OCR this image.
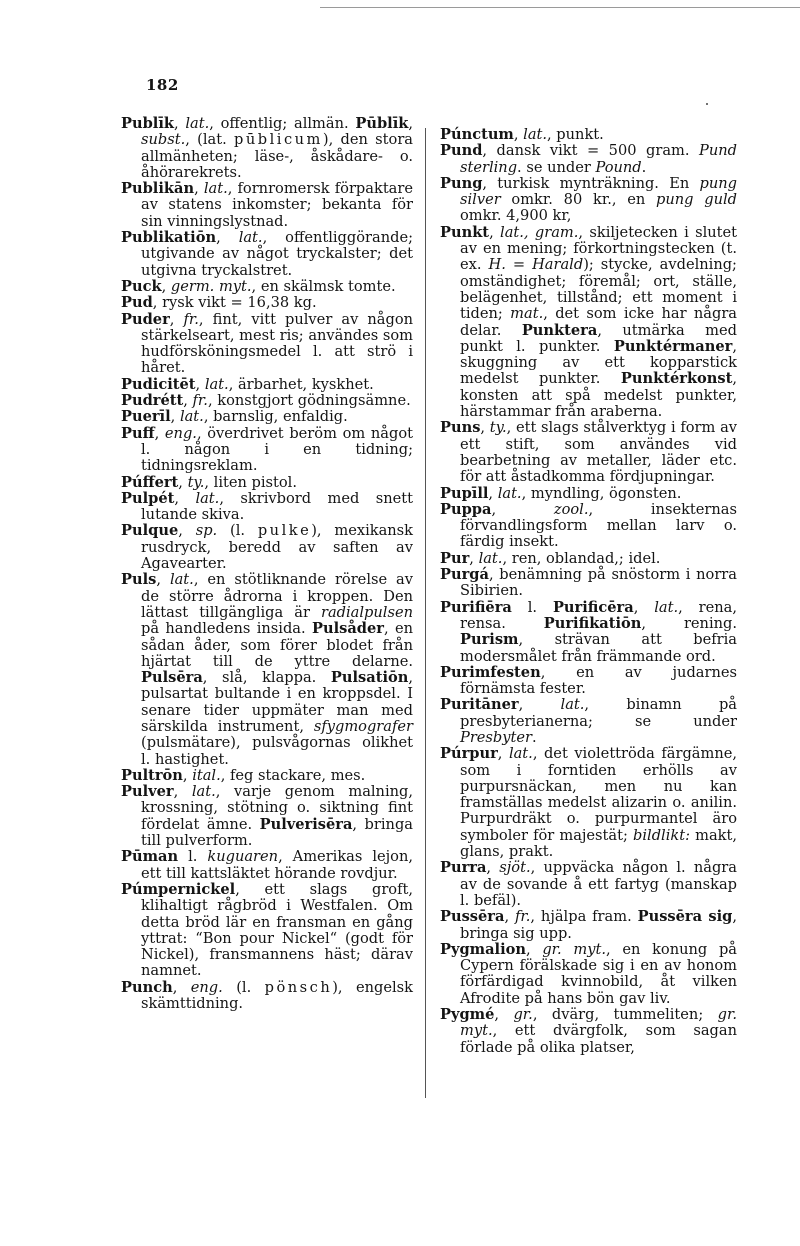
182

Publīk, lat., offentlig; allmän. Pūblīk, subst., (lat. pūblicum), den stora allmänheten; läse-, åskådare- o. åhörarekrets.

Publikān, lat., fornromersk förpaktare av statens inkomster; bekanta för sin vinningslystnad.

Publikatiōn, lat., offentliggörande; utgivande av något tryckalster; det utgivna tryckalstret.

Puck, germ. myt., en skälmsk tomte.

Pud, rysk vikt = 16,38 kg.

Puder, fr., fint, vitt pulver av någon stärkelseart, mest ris; användes som hudförsköningsmedel l. att strö i håret.

Pudicitēt, lat., ärbarhet, kyskhet.

Pudrétt, fr., konstgjort gödningsämne.

Puerīl, lat., barnslig, enfaldig.

Puff, eng., överdrivet beröm om något l. någon i en tidning; tidningsreklam.

Púffert, ty., liten pistol.

Pulpét, lat., skrivbord med snett lutande skiva.

Pulque, sp. (l. pulke), mexikansk rusdryck, beredd av saften av Agavearter.

Puls, lat., en stötliknande rörelse av de större ådrorna i kroppen. Den lättast tillgängliga är radialpulsen på handledens insida. Pulsåder, en sådan åder, som förer blodet från hjärtat till de yttre delarne. Pulsēra, slå, klappa. Pulsatiōn, pulsartat bultande i en kroppsdel. I senare tider uppmäter man med särskilda instrument, sfygmografer (pulsmätare), pulsvågornas olikhet l. hastighet.

Pultrōn, ital., feg stackare, mes.

Pulver, lat., varje genom malning, krossning, stötning o. siktning fint fördelat ämne. Pulverisēra, bringa till pulverform.

Pūman l. kuguaren, Amerikas lejon, ett till kattsläktet hörande rovdjur.

Púmpernickel, ett slags groft, klihaltigt rågbröd i Westfalen. Om detta bröd lär en fransman en gång yttrat: “Bon pour Nickel“ (godt för Nickel), fransmannens häst; därav namnet.

Punch, eng. (l. pönsch), engelsk skämttidning.

Púnctum, lat., punkt.

Pund, dansk vikt = 500 gram. Pund sterling. se under Pound.

Pung, turkisk mynträkning. En pung silver omkr. 80 kr., en pung guld omkr. 4,900 kr,

Punkt, lat., gram., skiljetecken i slutet av en mening; förkortningstecken (t. ex. H. = Harald); stycke, avdelning; omständighet; föremål; ort, ställe, belägenhet, tillstånd; ett moment i tiden; mat., det som icke har några delar. Punktera, utmärka med punkt l. punkter. Punktérmaner, skuggning av ett kopparstick medelst punkter. Punktérkonst, konsten att spå medelst punkter, härstammar från araberna.

Puns, ty., ett slags stålverktyg i form av ett stift, som användes vid bearbetning av metaller, läder etc. för att åstadkomma fördjupningar.

Pupīll, lat., myndling, ögonsten.

Puppa, zool., insekternas förvandlingsform mellan larv o. färdig insekt.

Pur, lat., ren, oblandad,; idel.

Purgá, benämning på snöstorm i norra Sibirien.

Purifiēra l. Purificēra, lat., rena, rensa. Purifikatiōn, rening. Purism, strävan att befria modersmålet från främmande ord.

Purimfesten, en av judarnes förnämsta fester.

Puritāner, lat., binamn på presbyterianerna; se under Presbyter.

Púrpur, lat., det violettröda färgämne, som i forntiden erhölls av purpursnäckan, men nu kan framställas medelst alizarin o. anilin. Purpurdräkt o. purpurmantel äro symboler för majestät; bildlikt: makt, glans, prakt.

Purra, sjöt., uppväcka någon l. några av de sovande å ett fartyg (manskap l. befäl).

Pussēra, fr., hjälpa fram. Pussēra sig, bringa sig upp.

Pygmalion, gr. myt., en konung på Cypern förälskade sig i en av honom förfärdigad kvinnobild, åt vilken Afrodite på hans bön gav liv.

Pygmé, gr., dvärg, tummeliten; gr. myt., ett dvärgfolk, som sagan förlade på olika platser,
